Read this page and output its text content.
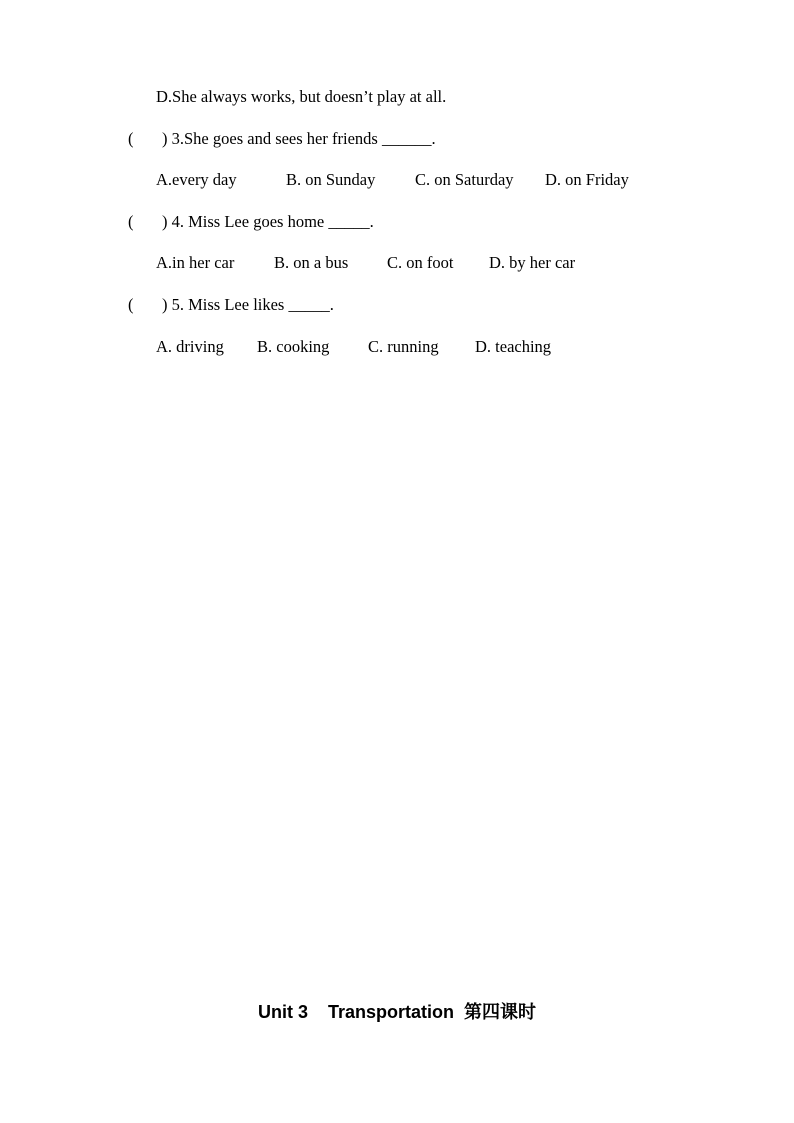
D.She always works, but doesn’t play at all.
( ) 3.She goes and sees her friends ______.
A.every day	B. on Sunday C. on Saturday D. on Friday
( ) 4. Miss Lee goes home _____.
A.in her car B. on a bus C. on foot D. by her car
( ) 5. Miss Lee likes _____.
A. driving B. cooking C. running D. teaching
Unit 3 Transportation 第四课时
